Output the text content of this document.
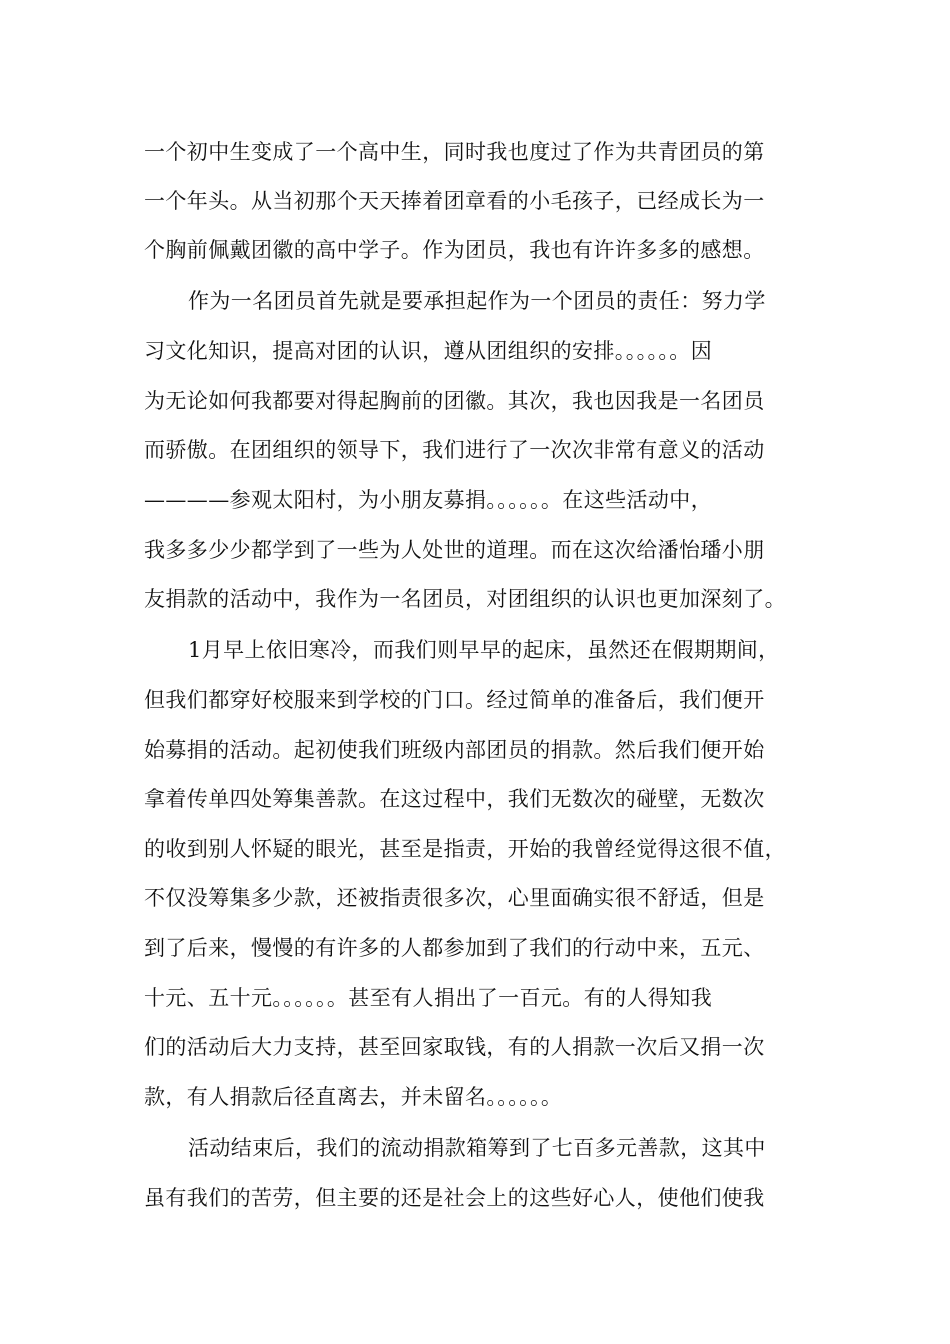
一个初中生变成了一个高中生，同时我也度过了作为共青团员的第
一个年头。从当初那个天天捧着团章看的小毛孩子，已经成长为一
个胸前佩戴团徽的高中学子。作为团员，我也有许许多多的感想。
作为一名团员首先就是要承担起作为一个团员的责任：努力学
习文化知识，提高对团的认识，遵从团组织的安排。。。。。。因
为无论如何我都要对得起胸前的团徽。其次，我也因我是一名团员
而骄傲。在团组织的领导下，我们进行了一次次非常有意义的活动
————参观太阳村，为小朋友募捐。。。。。。在这些活动中，
我多多少少都学到了一些为人处世的道理。而在这次给潘怡璠小朋
友捐款的活动中，我作为一名团员，对团组织的认识也更加深刻了。
1月早上依旧寒冷，而我们则早早的起床，虽然还在假期期间，
但我们都穿好校服来到学校的门口。经过简单的准备后，我们便开
始募捐的活动。起初使我们班级内部团员的捐款。然后我们便开始
拿着传单四处筹集善款。在这过程中，我们无数次的碰壁，无数次
的收到别人怀疑的眼光，甚至是指责，开始的我曾经觉得这很不值，
不仅没筹集多少款，还被指责很多次，心里面确实很不舒适，但是
到了后来，慢慢的有许多的人都参加到了我们的行动中来，五元、
十元、五十元。。。。。。甚至有人捐出了一百元。有的人得知我
们的活动后大力支持，甚至回家取钱，有的人捐款一次后又捐一次
款，有人捐款后径直离去，并未留名。。。。。。
活动结束后，我们的流动捐款箱筹到了七百多元善款，这其中
虽有我们的苦劳，但主要的还是社会上的这些好心人，使他们使我
